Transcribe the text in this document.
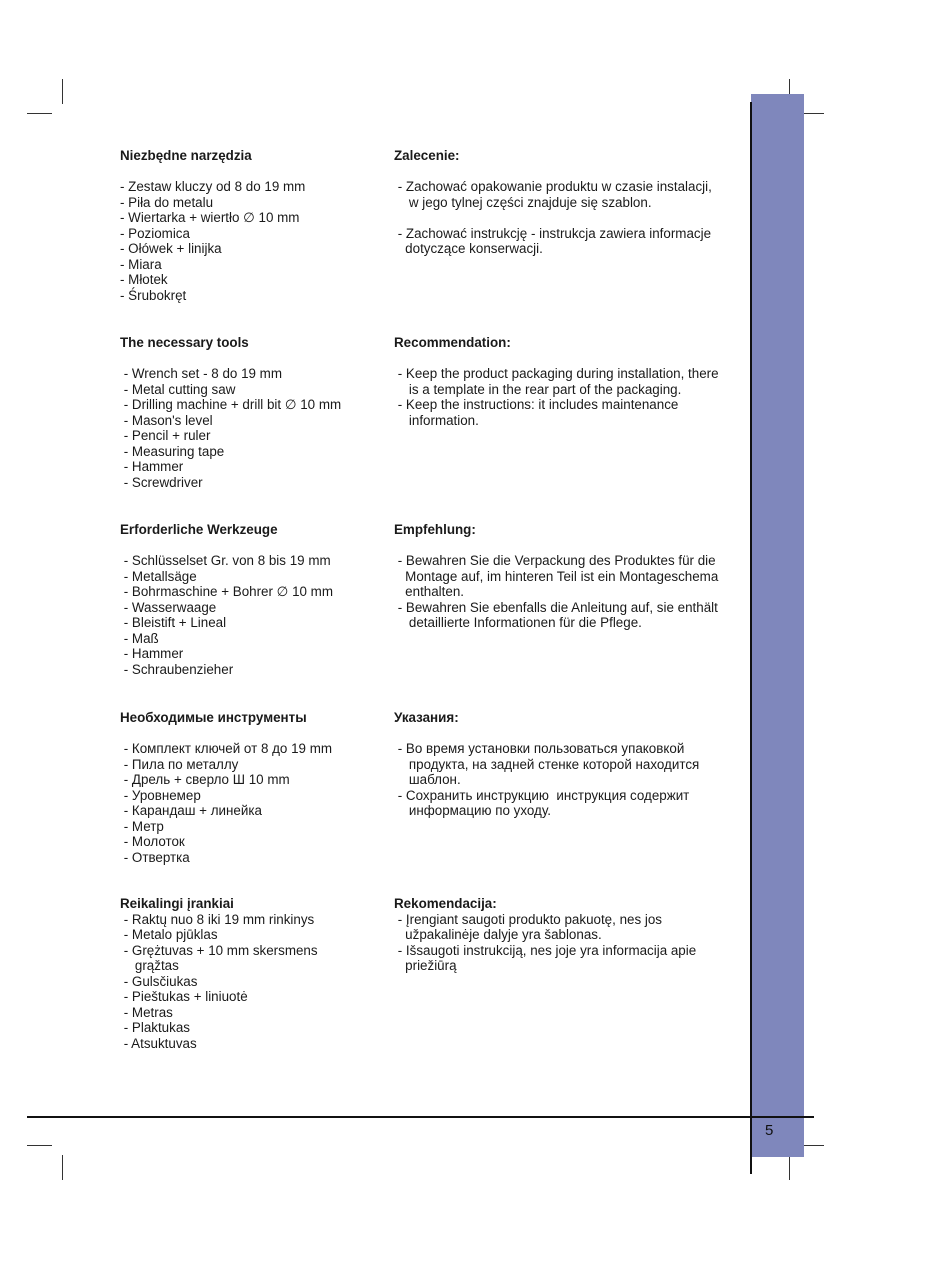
5

Niezbędne narzędzia

- Zestaw kluczy od 8 do 19 mm
- Piła do metalu
- Wiertarka + wiertło ∅ 10 mm
- Poziomica
- Ołówek + linijka
- Miara
- Młotek
- Śrubokręt

Zalecenie:

- Zachować opakowanie produktu w czasie instalacji,
w jego tylnej części znajduje się szablon.
- Zachować instrukcję - instrukcja zawiera informacje
dotyczące konserwacji.

The necessary tools

- Wrench set - 8 do 19 mm
- Metal cutting saw
- Drilling machine + drill bit ∅ 10 mm
- Mason's level
- Pencil + ruler
- Measuring tape
- Hammer
- Screwdriver

Recommendation:

- Keep the product packaging during installation, there
is a template in the rear part of the packaging.
- Keep the instructions: it includes maintenance
information.

Erforderliche Werkzeuge

- Schlüsselset Gr. von 8 bis 19 mm
- Metallsäge
- Bohrmaschine + Bohrer ∅ 10 mm
- Wasserwaage
- Bleistift + Lineal
- Maß
- Hammer
- Schraubenzieher

Empfehlung:

- Bewahren Sie die Verpackung des Produktes für die
Montage auf, im hinteren Teil ist ein Montageschema
enthalten.
- Bewahren Sie ebenfalls die Anleitung auf, sie enthält
detaillierte Informationen für die Pflege.

Необходимые инструменты

- Комплект ключей от 8 до 19 mm
- Пила по металлу
- Дрель + сверло Ш 10 mm
- Уровнемер
- Карандаш + линейка
- Метр
- Молоток
- Отвертка

Указания:

- Во время установки пользоваться упаковкой
продукта, на задней стенке которой находится
шаблон.
- Сохранить инструкцию  инструкция содержит
информацию по уходу.

Reikalingi įrankiai

- Raktų nuo 8 iki 19 mm rinkinys
- Metalo pjūklas
- Grężtuvas + 10 mm skersmens
grąžtas
- Gulsčiukas
- Pieštukas + liniuotė
- Metras
- Plaktukas
- Atsuktuvas

Rekomendacija:

- Įrengiant saugoti produkto pakuotę, nes jos
užpakalinėje dalyje yra šablonas.
- Išsaugoti instrukciją, nes joje yra informacija apie
priežiūrą
